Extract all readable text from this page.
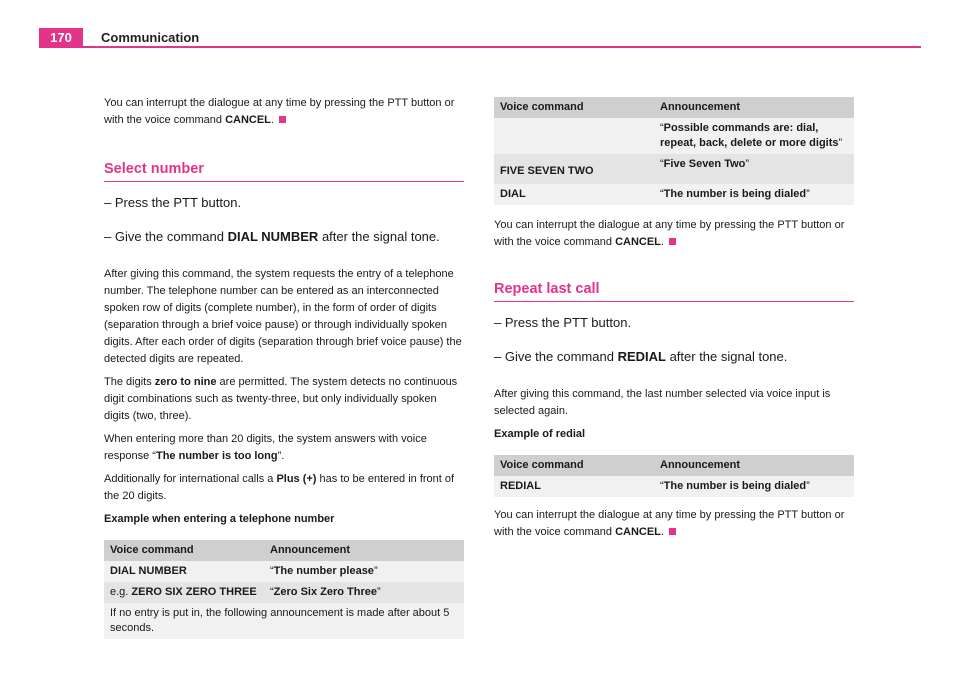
170	Communication

You can interrupt the dialogue at any time by pressing the PTT button or with the voice command CANCEL.

Select number

– Press the PTT button.

– Give the command DIAL NUMBER after the signal tone.

After giving this command, the system requests the entry of a telephone number. The telephone number can be entered as an interconnected spoken row of digits (complete number), in the form of order of digits (separation through a brief voice pause) or through individually spoken digits. After each order of digits (separation through brief voice pause) the detected digits are repeated.

The digits zero to nine are permitted. The system detects no continuous digit combinations such as twenty-three, but only individually spoken digits (two, three).

When entering more than 20 digits, the system answers with voice response “The number is too long”.

Additionally for international calls a Plus (+) has to be entered in front of the 20 digits.

Example when entering a telephone number

Voice command	Announcement
DIAL NUMBER	“The number please”
e.g. ZERO SIX ZERO THREE	“Zero Six Zero Three”
If no entry is put in, the following announcement is made after about 5 seconds.	
Voice command	Announcement
	“Possible commands are: dial, repeat, back, delete or more digits”
FIVE SEVEN TWO	“Five Seven Two”
DIAL	“The number is being dialed”

You can interrupt the dialogue at any time by pressing the PTT button or with the voice command CANCEL.

Repeat last call

– Press the PTT button.

– Give the command REDIAL after the signal tone.

After giving this command, the last number selected via voice input is selected again.

Example of redial

Voice command	Announcement
REDIAL	“The number is being dialed”

You can interrupt the dialogue at any time by pressing the PTT button or with the voice command CANCEL.
